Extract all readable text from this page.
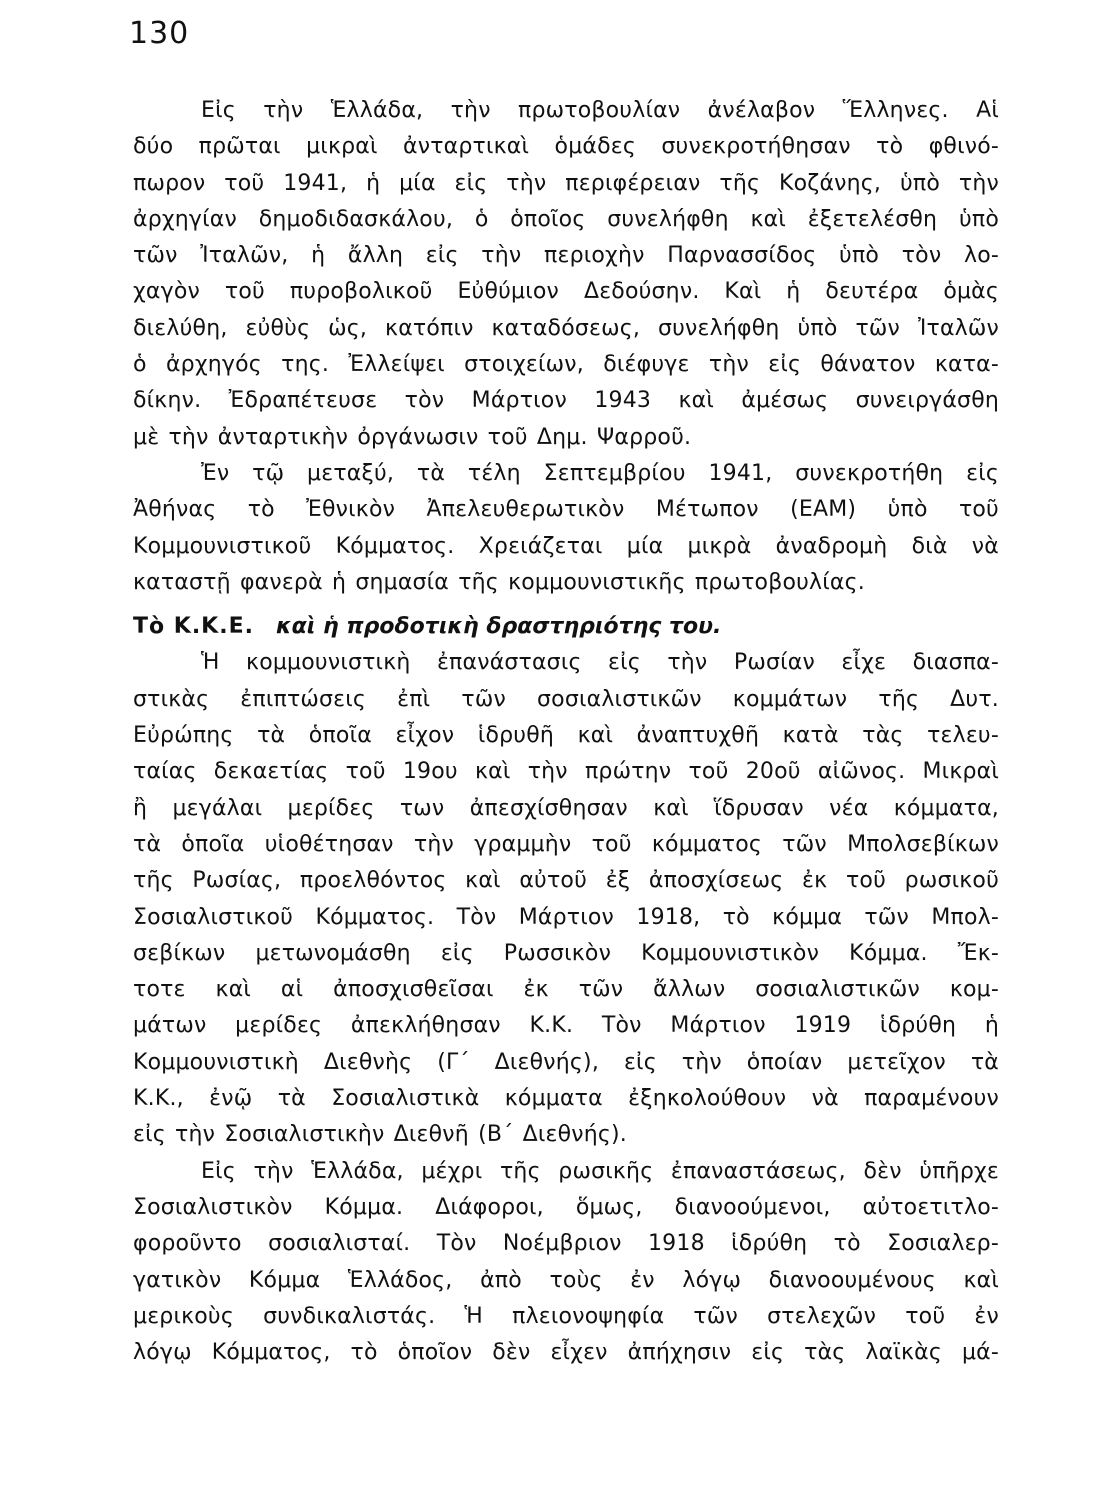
130
Εἰς τὴν Ἑλλάδα, τὴν πρωτοβουλίαν ἀνέλαβον Ἕλληνες. Αἱ
δύο πρῶται μικραὶ ἀνταρτικαὶ ὁμάδες συνεκροτήθησαν τὸ φθινό-
πωρον τοῦ 1941, ἡ μία εἰς τὴν περιφέρειαν τῆς Κοζάνης, ὑπὸ τὴν
ἀρχηγίαν δημοδιδασκάλου, ὁ ὁποῖος συνελήφθη καὶ ἐξετελέσθη ὑπὸ
τῶν Ἰταλῶν, ἡ ἄλλη εἰς τὴν περιοχὴν Παρνασσίδος ὑπὸ τὸν λο-
χαγὸν τοῦ πυροβολικοῦ Εὐθύμιον Δεδούσην. Καὶ ἡ δευτέρα ὁμὰς
διελύθη, εὐθὺς ὡς, κατόπιν καταδόσεως, συνελήφθη ὑπὸ τῶν Ἰταλῶν
ὁ ἀρχηγός της. Ἐλλείψει στοιχείων, διέφυγε τὴν εἰς θάνατον κατα-
δίκην. Ἐδραπέτευσε τὸν Μάρτιον 1943 καὶ ἀμέσως συνειργάσθη
μὲ τὴν ἀνταρτικὴν ὀργάνωσιν τοῦ Δημ. Ψαρροῦ.
Ἐν τῷ μεταξύ, τὰ τέλη Σεπτεμβρίου 1941, συνεκροτήθη εἰς
Ἀθήνας τὸ Ἐθνικὸν Ἀπελευθερωτικὸν Μέτωπον (ΕΑΜ) ὑπὸ τοῦ
Κομμουνιστικοῦ Κόμματος. Χρειάζεται μία μικρὰ ἀναδρομὴ διὰ νὰ
καταστῇ φανερὰ ἡ σημασία τῆς κομμουνιστικῆς πρωτοβουλίας.
Τὸ Κ.Κ.Ε. καὶ ἡ προδοτικὴ δραστηριότης του.
Ἡ κομμουνιστικὴ ἐπανάστασις εἰς τὴν Ρωσίαν εἶχε διασπα-
στικὰς ἐπιπτώσεις ἐπὶ τῶν σοσιαλιστικῶν κομμάτων τῆς Δυτ.
Εὐρώπης τὰ ὁποῖα εἶχον ἱδρυθῆ καὶ ἀναπτυχθῆ κατὰ τὰς τελευ-
ταίας δεκαετίας τοῦ 19ου καὶ τὴν πρώτην τοῦ 20οῦ αἰῶνος. Μικραὶ
ἢ μεγάλαι μερίδες των ἀπεσχίσθησαν καὶ ἵδρυσαν νέα κόμματα,
τὰ ὁποῖα υἱοθέτησαν τὴν γραμμὴν τοῦ κόμματος τῶν Μπολσεβίκων
τῆς Ρωσίας, προελθόντος καὶ αὐτοῦ ἐξ ἀποσχίσεως ἐκ τοῦ ρωσικοῦ
Σοσιαλιστικοῦ Κόμματος. Τὸν Μάρτιον 1918, τὸ κόμμα τῶν Μπολ-
σεβίκων μετωνομάσθη εἰς Ρωσσικὸν Κομμουνιστικὸν Κόμμα. Ἔκ-
τοτε καὶ αἱ ἀποσχισθεῖσαι ἐκ τῶν ἄλλων σοσιαλιστικῶν κομ-
μάτων μερίδες ἀπεκλήθησαν Κ.Κ. Τὸν Μάρτιον 1919 ἱδρύθη ἡ
Κομμουνιστικὴ Διεθνὴς (Γ΄ Διεθνής), εἰς τὴν ὁποίαν μετεῖχον τὰ
Κ.Κ., ἐνῷ τὰ Σοσιαλιστικὰ κόμματα ἐξηκολούθουν νὰ παραμένουν
εἰς τὴν Σοσιαλιστικὴν Διεθνῆ (Β΄ Διεθνής).
Εἰς τὴν Ἑλλάδα, μέχρι τῆς ρωσικῆς ἐπαναστάσεως, δὲν ὑπῆρχε
Σοσιαλιστικὸν Κόμμα. Διάφοροι, ὅμως, διανοούμενοι, αὐτοετιτλο-
φοροῦντο σοσιαλισταί. Τὸν Νοέμβριον 1918 ἱδρύθη τὸ Σοσιαλερ-
γατικὸν Κόμμα Ἑλλάδος, ἀπὸ τοὺς ἐν λόγῳ διανοουμένους καὶ
μερικοὺς συνδικαλιστάς. Ἡ πλειονοψηφία τῶν στελεχῶν τοῦ ἐν
λόγῳ Κόμματος, τὸ ὁποῖον δὲν εἶχεν ἀπήχησιν εἰς τὰς λαϊκὰς μά-
